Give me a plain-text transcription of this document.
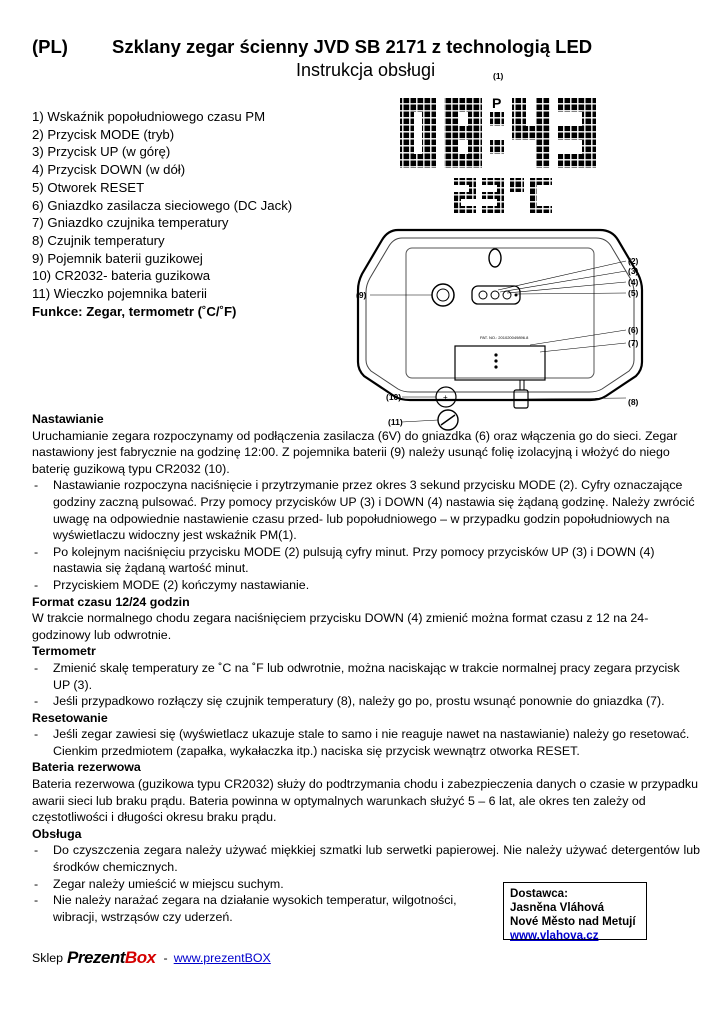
(PL) Szklany zegar ścienny JVD SB 2171 z technologią LED
Instrukcja obsługi
1) Wskaźnik popołudniowego czasu PM
2) Przycisk MODE (tryb)
3) Przycisk UP (w górę)
4) Przycisk DOWN (w dół)
5) Otworek RESET
6) Gniazdko zasilacza sieciowego (DC Jack)
7) Gniazdko czujnika temperatury
8) Czujnik temperatury
9) Pojemnik baterii guzikowej
10) CR2032- bateria guzikowa
11) Wieczko pojemnika baterii
Funkce: Zegar, termometr (˚C/˚F)
(1)
P
PAT. NO.: 201020049896.8
+
(2)
(3)
(4)
(5)
(6)
(7)
(8)
(9)
(10)
(11)
Nastawianie
Uruchamianie zegara rozpoczynamy od podłączenia zasilacza (6V) do gniazdka (6) oraz włączenia go do sieci. Zegar nastawiony jest fabrycznie na godzinę 12:00. Z pojemnika baterii (9) należy usunąć folię izolacyjną i włożyć do niego baterię guzikową typu CR2032 (10).
- Nastawianie rozpoczyna naciśnięcie i przytrzymanie przez okres 3 sekund przycisku MODE (2). Cyfry oznaczające godziny zaczną pulsować. Przy pomocy przycisków UP (3) i DOWN (4) nastawia się żądaną godzinę. Należy zwrócić uwagę na odpowiednie nastawienie czasu przed- lub popołudniowego – w przypadku godzin popołudniowych na wyświetlaczu widoczny jest wskaźnik PM(1).
- Po kolejnym naciśnięciu przycisku MODE (2) pulsują cyfry minut. Przy pomocy przycisków UP (3) i DOWN (4) nastawia się żądaną wartość minut.
- Przyciskiem MODE (2) kończymy nastawianie.
Format czasu 12/24 godzin
W trakcie normalnego chodu zegara naciśnięciem przycisku DOWN (4) zmienić można format czasu z 12 na 24-godzinowy lub odwrotnie.
Termometr
- Zmienić skalę temperatury ze ˚C na ˚F lub odwrotnie, można naciskając w trakcie normalnej pracy zegara przycisk UP (3).
- Jeśli przypadkowo rozłączy się czujnik temperatury (8), należy go po, prostu wsunąć ponownie do gniazdka (7).
Resetowanie
- Jeśli zegar zawiesi się (wyświetlacz ukazuje stale to samo i nie reaguje nawet na nastawianie) należy go resetować. Cienkim przedmiotem (zapałka, wykałaczka itp.) naciska się przycisk wewnątrz otworka RESET.
Bateria rezerwowa
Bateria rezerwowa (guzikowa typu CR2032) służy do podtrzymania chodu i zabezpieczenia danych o czasie w przypadku awarii sieci lub braku prądu. Bateria powinna w optymalnych warunkach służyć 5 – 6 lat, ale okres ten zależy od częstotliwości i długości okresu braku prądu.
Obsługa
- Do czyszczenia zegara należy używać miękkiej szmatki lub serwetki papierowej. Nie należy używać detergentów lub środków chemicznych.
- Zegar należy umieścić w miejscu suchym.
- Nie należy narażać zegara na działanie wysokich temperatur, wilgotności, wibracji, wstrząsów czy uderzeń.
Dostawca:
Jasněna Vláhová
Nové Město nad Metují
www.vlahova.cz
Sklep PrezentBox - www.prezentBOX
